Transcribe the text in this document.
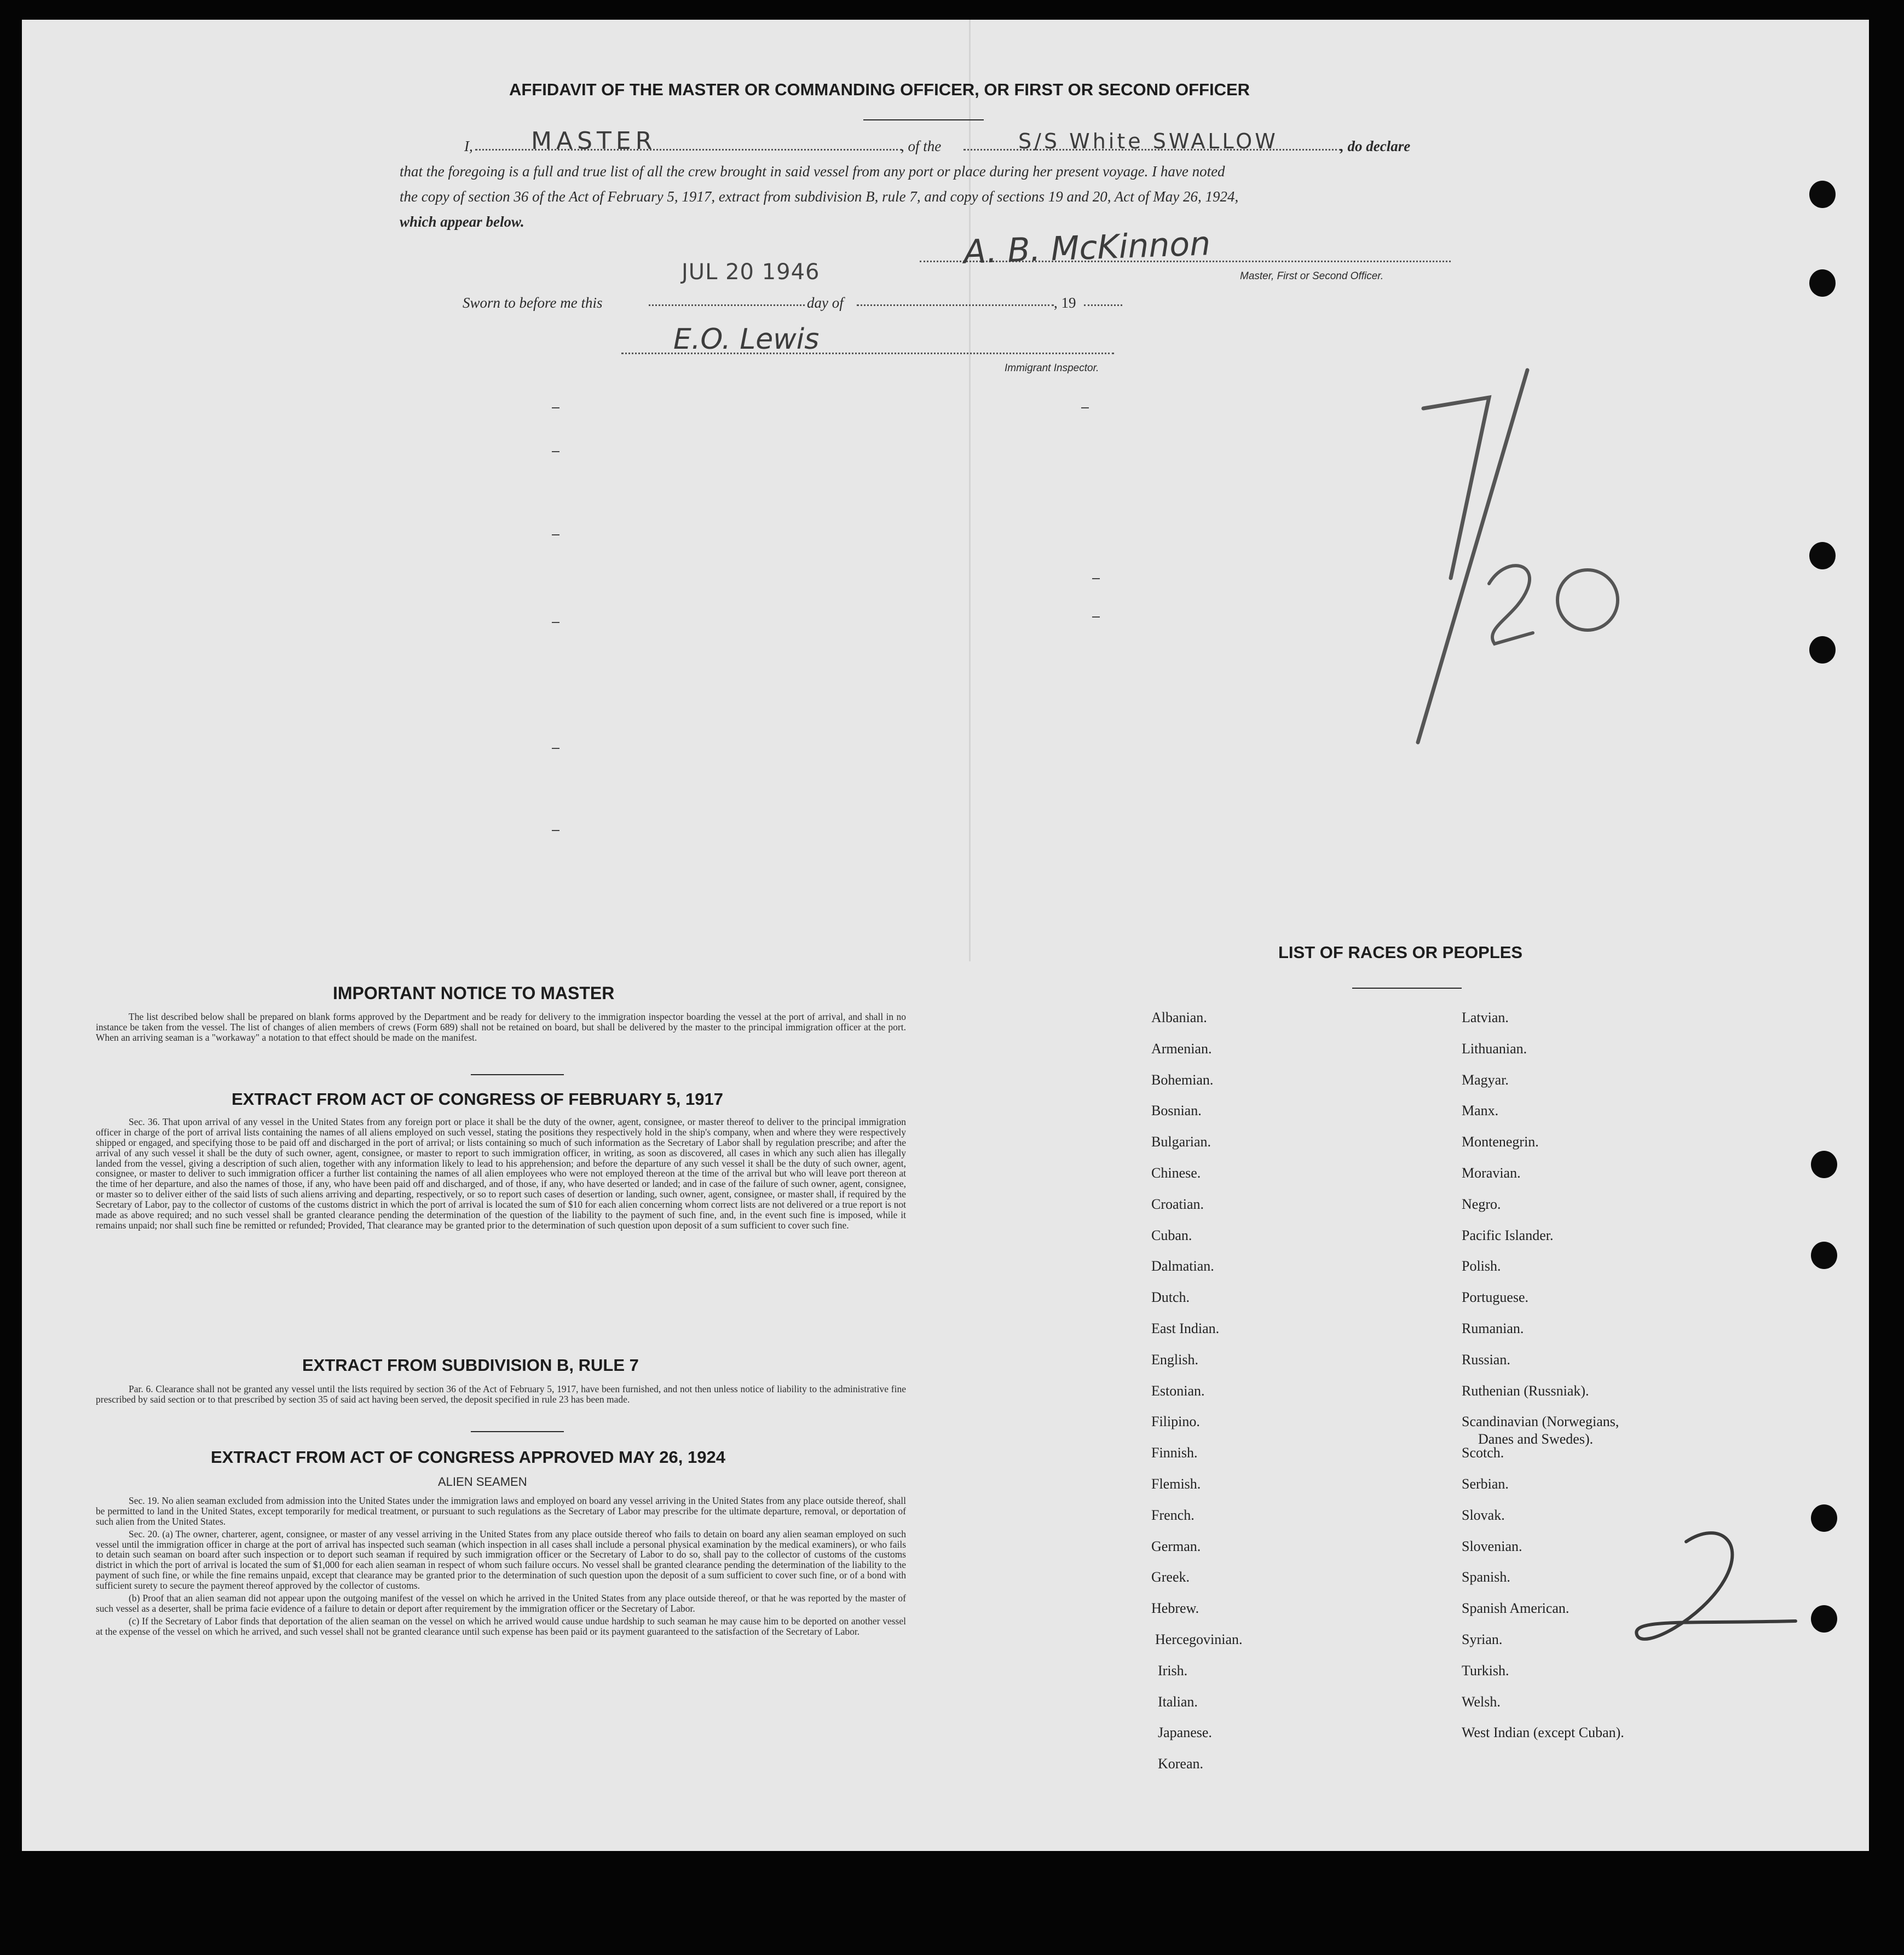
AFFIDAVIT OF THE MASTER OR COMMANDING OFFICER, OR FIRST OR SECOND OFFICER
I, MASTER	, of the	S/S White SWALLOW	, do declare
that the foregoing is a full and true list of all the crew brought in said vessel from any port or place during her present voyage. I have noted
the copy of section 36 of the Act of February 5, 1917, extract from subdivision B, rule 7, and copy of sections 19 and 20, Act of May 26, 1924,
which appear below.
JUL 20 1946
A. B. McKinnon
Master, First or Second Officer.
Sworn to before me this	day of	, 19
E.O. Lewis
Immigrant Inspector.
IMPORTANT NOTICE TO MASTER

The list described below shall be prepared on blank forms approved by the Department and be ready for delivery to the immigration inspector boarding the vessel at the port of arrival, and shall in no instance be taken from the vessel. The list of changes of alien members of crews (Form 689) shall not be retained on board, but shall be delivered by the master to the principal immigration officer at the port. When an arriving seaman is a "workaway" a notation to that effect should be made on the manifest.

EXTRACT FROM ACT OF CONGRESS OF FEBRUARY 5, 1917

Sec. 36. That upon arrival of any vessel in the United States from any foreign port or place it shall be the duty of the owner, agent, consignee, or master thereof to deliver to the principal immigration officer in charge of the port of arrival lists containing the names of all aliens employed on such vessel, stating the positions they respectively hold in the ship's company, when and where they were respectively shipped or engaged, and specifying those to be paid off and discharged in the port of arrival; or lists containing so much of such information as the Secretary of Labor shall by regulation prescribe; and after the arrival of any such vessel it shall be the duty of such owner, agent, consignee, or master to report to such immigration officer, in writing, as soon as discovered, all cases in which any such alien has illegally landed from the vessel, giving a description of such alien, together with any information likely to lead to his apprehension; and before the departure of any such vessel it shall be the duty of such owner, agent, consignee, or master to deliver to such immigration officer a further list containing the names of all alien employees who were not employed thereon at the time of the arrival but who will leave port thereon at the time of her departure, and also the names of those, if any, who have been paid off and discharged, and of those, if any, who have deserted or landed; and in case of the failure of such owner, agent, consignee, or master so to deliver either of the said lists of such aliens arriving and departing, respectively, or so to report such cases of desertion or landing, such owner, agent, consignee, or master shall, if required by the Secretary of Labor, pay to the collector of customs of the customs district in which the port of arrival is located the sum of $10 for each alien concerning whom correct lists are not delivered or a true report is not made as above required; and no such vessel shall be granted clearance pending the determination of the question of the liability to the payment of such fine, and, in the event such fine is imposed, while it remains unpaid; nor shall such fine be remitted or refunded; Provided, That clearance may be granted prior to the determination of such question upon deposit of a sum sufficient to cover such fine.

EXTRACT FROM SUBDIVISION B, RULE 7

Par. 6. Clearance shall not be granted any vessel until the lists required by section 36 of the Act of February 5, 1917, have been furnished, and not then unless notice of liability to the administrative fine prescribed by said section or to that prescribed by section 35 of said act having been served, the deposit specified in rule 23 has been made.

EXTRACT FROM ACT OF CONGRESS APPROVED MAY 26, 1924
ALIEN SEAMEN

Sec. 19. No alien seaman excluded from admission into the United States under the immigration laws and employed on board any vessel arriving in the United States from any place outside thereof, shall be permitted to land in the United States, except temporarily for medical treatment, or pursuant to such regulations as the Secretary of Labor may prescribe for the ultimate departure, removal, or deportation of such alien from the United States.

Sec. 20. (a) The owner, charterer, agent, consignee, or master of any vessel arriving in the United States from any place outside thereof who fails to detain on board any alien seaman employed on such vessel until the immigration officer in charge at the port of arrival has inspected such seaman (which inspection in all cases shall include a personal physical examination by the medical examiners), or who fails to detain such seaman on board after such inspection or to deport such seaman if required by such immigration officer or the Secretary of Labor to do so, shall pay to the collector of customs of the customs district in which the port of arrival is located the sum of $1,000 for each alien seaman in respect of whom such failure occurs. No vessel shall be granted clearance pending the determination of the liability to the payment of such fine, or while the fine remains unpaid, except that clearance may be granted prior to the determination of such question upon the deposit of a sum sufficient to cover such fine, or of a bond with sufficient surety to secure the payment thereof approved by the collector of customs.

(b) Proof that an alien seaman did not appear upon the outgoing manifest of the vessel on which he arrived in the United States from any place outside thereof, or that he was reported by the master of such vessel as a deserter, shall be prima facie evidence of a failure to detain or deport after requirement by the immigration officer or the Secretary of Labor.

(c) If the Secretary of Labor finds that deportation of the alien seaman on the vessel on which he arrived would cause undue hardship to such seaman he may cause him to be deported on another vessel at the expense of the vessel on which he arrived, and such vessel shall not be granted clearance until such expense has been paid or its payment guaranteed to the satisfaction of the Secretary of Labor.

LIST OF RACES OR PEOPLES
Albanian.
Armenian.
Bohemian.
Bosnian.
Bulgarian.
Chinese.
Croatian.
Cuban.
Dalmatian.
Dutch.
East Indian.
English.
Estonian.
Filipino.
Finnish.
Flemish.
French.
German.
Greek.
Hebrew.
Hercegovinian.
Irish.
Italian.
Japanese.
Korean.
Latvian.
Lithuanian.
Magyar.
Manx.
Montenegrin.
Moravian.
Negro.
Pacific Islander.
Polish.
Portuguese.
Rumanian.
Russian.
Ruthenian (Russniak).
Scandinavian (Norwegians,
Danes and Swedes).
Scotch.
Serbian.
Slovak.
Slovenian.
Spanish.
Spanish American.
Syrian.
Turkish.
Welsh.
West Indian (except Cuban).
